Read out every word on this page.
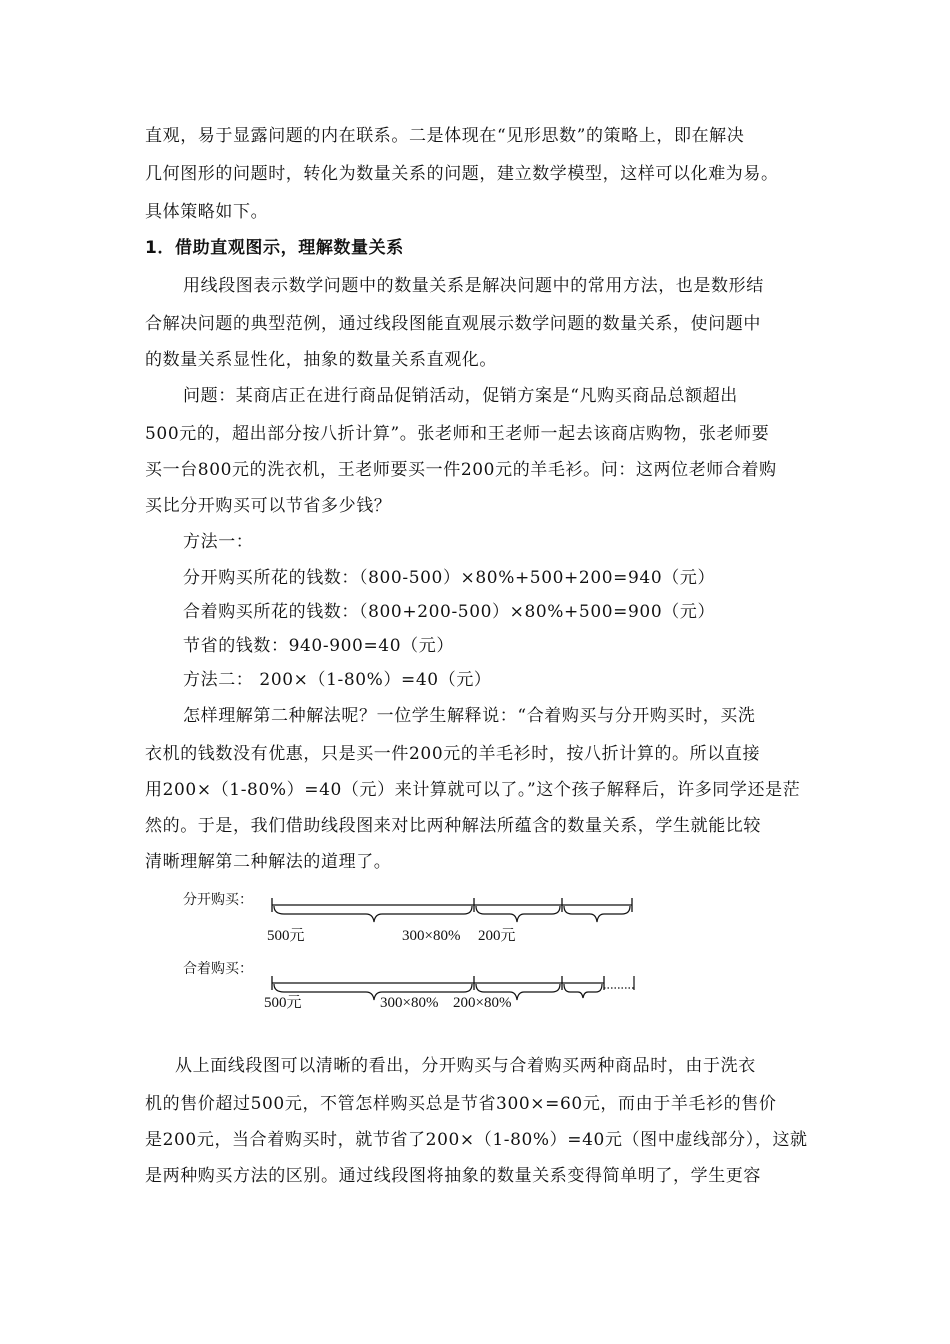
直观，易于显露问题的内在联系。二是体现在“见形思数”的策略上，即在解决
几何图形的问题时，转化为数量关系的问题，建立数学模型，这样可以化难为易。
具体策略如下。
1．借助直观图示，理解数量关系
用线段图表示数学问题中的数量关系是解决问题中的常用方法，也是数形结
合解决问题的典型范例，通过线段图能直观展示数学问题的数量关系，使问题中
的数量关系显性化，抽象的数量关系直观化。
问题：某商店正在进行商品促销活动，促销方案是“凡购买商品总额超出
500元的，超出部分按八折计算”。张老师和王老师一起去该商店购物，张老师要
买一台800元的洗衣机，王老师要买一件200元的羊毛衫。问：这两位老师合着购
买比分开购买可以节省多少钱？
方法一：
分开购买所花的钱数：（800-500）×80%+500+200=940（元）
合着购买所花的钱数：（800+200-500）×80%+500=900（元）
节省的钱数：940-900=40（元）
方法二： 200×（1-80%）=40（元）
怎样理解第二种解法呢？一位学生解释说：“合着购买与分开购买时，买洗
衣机的钱数没有优惠，只是买一件200元的羊毛衫时，按八折计算的。所以直接
用200×（1-80%）=40（元）来计算就可以了。”这个孩子解释后，许多同学还是茫
然的。于是，我们借助线段图来对比两种解法所蕴含的数量关系，学生就能比较
清晰理解第二种解法的道理了。
分开购买：
500元	300×80% 200元
合着购买：
500元	300×80% 200×80%
从上面线段图可以清晰的看出，分开购买与合着购买两种商品时，由于洗衣
机的售价超过500元，不管怎样购买总是节省300×=60元，而由于羊毛衫的售价
是200元，当合着购买时，就节省了200×（1-80%）=40元（图中虚线部分），这就
是两种购买方法的区别。通过线段图将抽象的数量关系变得简单明了，学生更容
